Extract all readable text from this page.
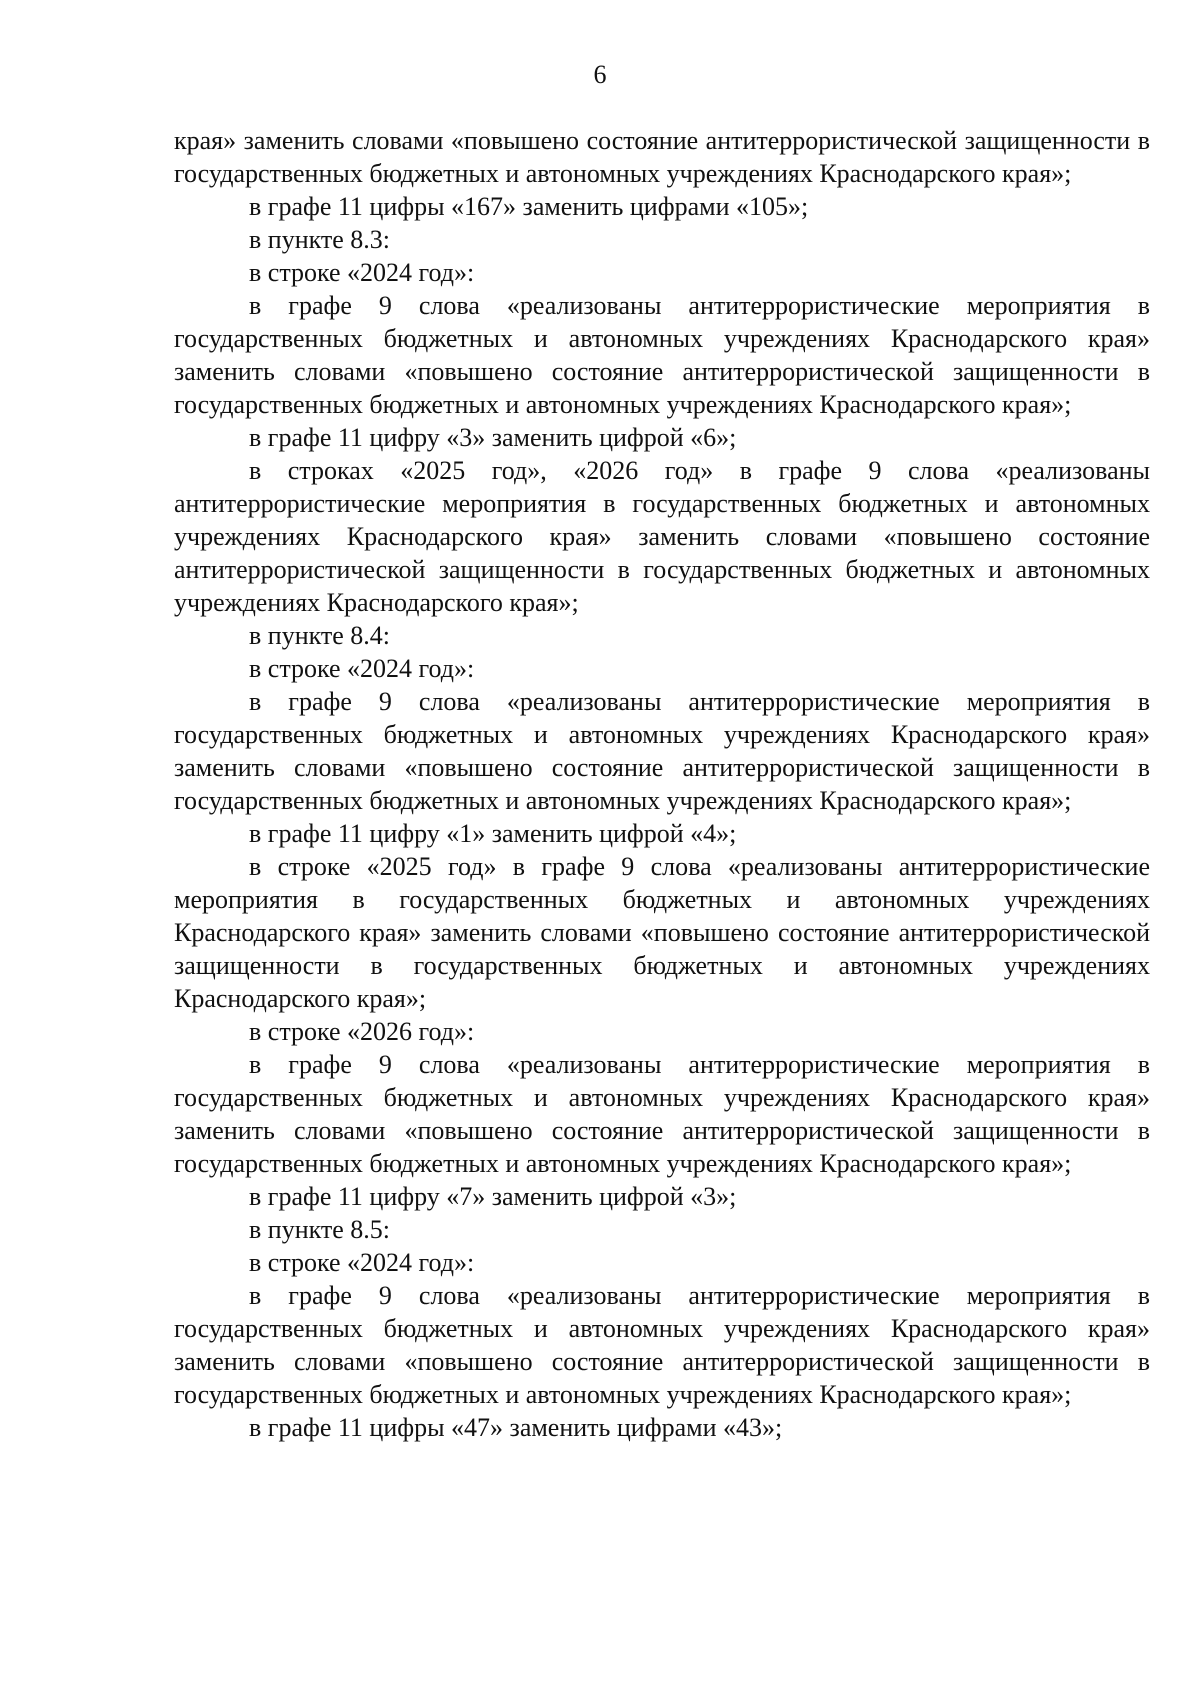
6

края» заменить словами «повышено состояние антитеррористической защищенности в государственных бюджетных и автономных учреждениях Краснодарского края»;

в графе 11 цифры «167» заменить цифрами «105»;

в пункте 8.3:

в строке «2024 год»:

в графе 9 слова «реализованы антитеррористические мероприятия в государственных бюджетных и автономных учреждениях Краснодарского края» заменить словами «повышено состояние антитеррористической защищенности в государственных бюджетных и автономных учреждениях Краснодарского края»;

в графе 11 цифру «3» заменить цифрой «6»;

в строках «2025 год», «2026 год» в графе 9 слова «реализованы антитеррористические мероприятия в государственных бюджетных и автономных учреждениях Краснодарского края» заменить словами «повышено состояние антитеррористической защищенности в государственных бюджетных и автономных учреждениях Краснодарского края»;

в пункте 8.4:

в строке «2024 год»:

в графе 9 слова «реализованы антитеррористические мероприятия в государственных бюджетных и автономных учреждениях Краснодарского края» заменить словами «повышено состояние антитеррористической защищенности в государственных бюджетных и автономных учреждениях Краснодарского края»;

в графе 11 цифру «1» заменить цифрой «4»;

в строке «2025 год» в графе 9 слова «реализованы антитеррористические мероприятия в государственных бюджетных и автономных учреждениях Краснодарского края» заменить словами «повышено состояние антитеррористической защищенности в государственных бюджетных и автономных учреждениях Краснодарского края»;

в строке «2026 год»:

в графе 9 слова «реализованы антитеррористические мероприятия в государственных бюджетных и автономных учреждениях Краснодарского края» заменить словами «повышено состояние антитеррористической защищенности в государственных бюджетных и автономных учреждениях Краснодарского края»;

в графе 11 цифру «7» заменить цифрой «3»;

в пункте 8.5:

в строке «2024 год»:

в графе 9 слова «реализованы антитеррористические мероприятия в государственных бюджетных и автономных учреждениях Краснодарского края» заменить словами «повышено состояние антитеррористической защищенности в государственных бюджетных и автономных учреждениях Краснодарского края»;

в графе 11 цифры «47» заменить цифрами «43»;
